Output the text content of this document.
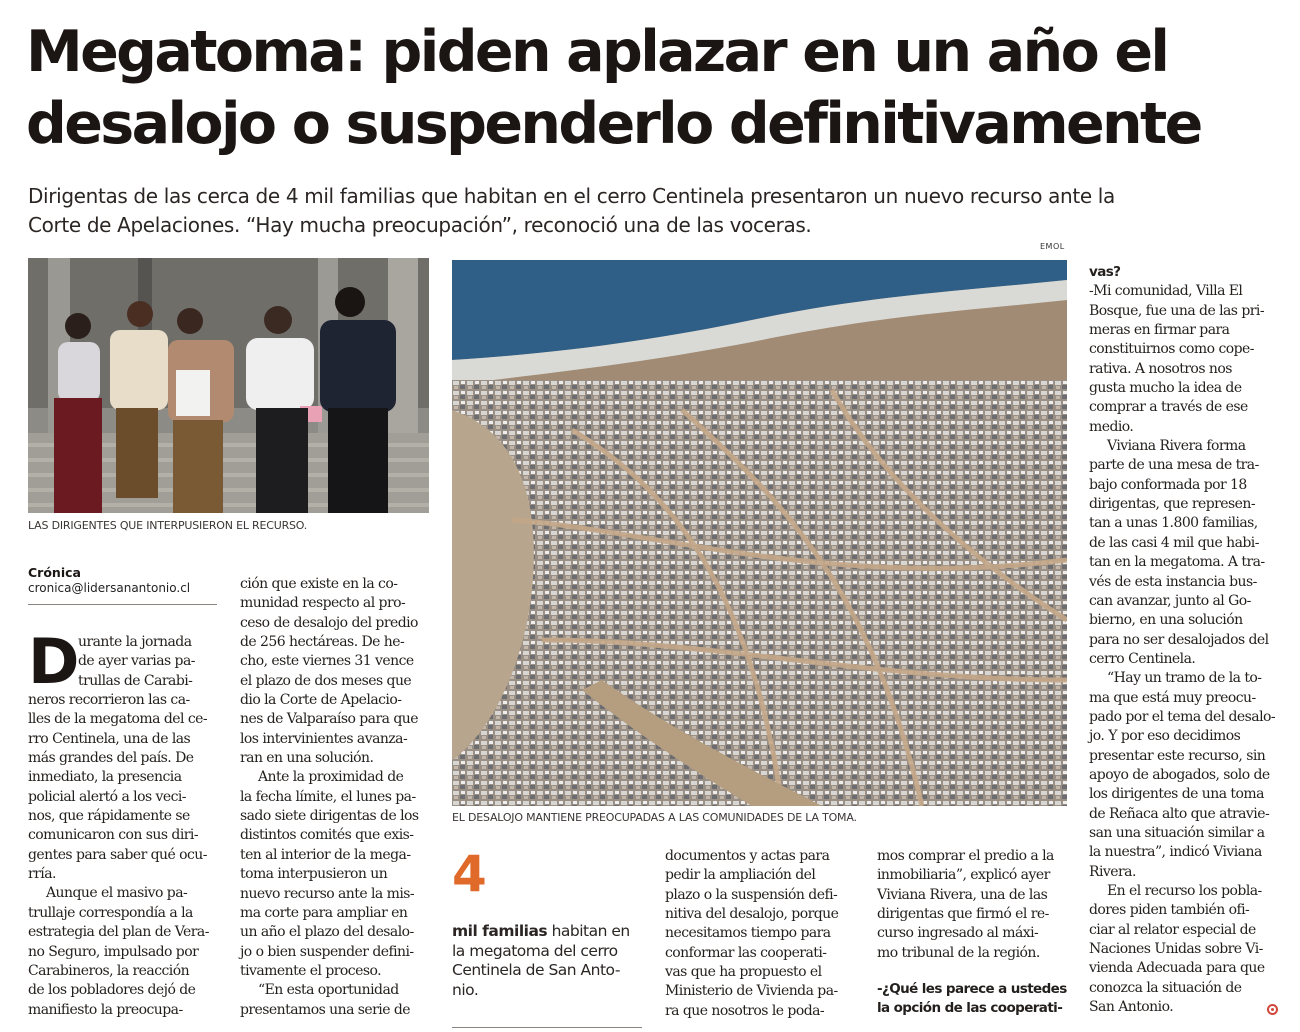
Megatoma: piden aplazar en un año el
desalojo o suspenderlo definitivamente
Dirigentas de las cerca de 4 mil familias que habitan en el cerro Centinela presentaron un nuevo recurso ante la
Corte de Apelaciones. “Hay mucha preocupación”, reconoció una de las voceras.
EMOL
LAS DIRIGENTES QUE INTERPUSIERON EL RECURSO.
EL DESALOJO MANTIENE PREOCUPADAS A LAS COMUNIDADES DE LA TOMA.
Crónica
cronica@lidersanantonio.cl
D urante la jornada
de ayer varias pa-
trullas de Carabi-
neros recorrieron las ca-
lles de la megatoma del ce-
rro Centinela, una de las
más grandes del país. De
inmediato, la presencia
policial alertó a los veci-
nos, que rápidamente se
comunicaron con sus diri-
gentes para saber qué ocu-
rría.
Aunque el masivo pa-
trullaje correspondía a la
estrategia del plan de Vera-
no Seguro, impulsado por
Carabineros, la reacción
de los pobladores dejó de
manifiesto la preocupa-
ción que existe en la co-
munidad respecto al pro-
ceso de desalojo del predio
de 256 hectáreas. De he-
cho, este viernes 31 vence
el plazo de dos meses que
dio la Corte de Apelacio-
nes de Valparaíso para que
los intervinientes avanza-
ran en una solución.
Ante la proximidad de
la fecha límite, el lunes pa-
sado siete dirigentas de los
distintos comités que exis-
ten al interior de la mega-
toma interpusieron un
nuevo recurso ante la mis-
ma corte para ampliar en
un año el plazo del desalo-
jo o bien suspender defini-
tivamente el proceso.
“En esta oportunidad
presentamos una serie de
4
mil familias habitan en
la megatoma del cerro
Centinela de San Anto-
nio.
documentos y actas para
pedir la ampliación del
plazo o la suspensión defi-
nitiva del desalojo, porque
necesitamos tiempo para
conformar las cooperati-
vas que ha propuesto el
Ministerio de Vivienda pa-
ra que nosotros le poda-
mos comprar el predio a la
inmobiliaria”, explicó ayer
Viviana Rivera, una de las
dirigentas que firmó el re-
curso ingresado al máxi-
mo tribunal de la región.
-¿Qué les parece a ustedes
la opción de las cooperati-
vas?
-Mi comunidad, Villa El
Bosque, fue una de las pri-
meras en firmar para
constituirnos como cope-
rativa. A nosotros nos
gusta mucho la idea de
comprar a través de ese
medio.
Viviana Rivera forma
parte de una mesa de tra-
bajo conformada por 18
dirigentas, que represen-
tan a unas 1.800 familias,
de las casi 4 mil que habi-
tan en la megatoma. A tra-
vés de esta instancia bus-
can avanzar, junto al Go-
bierno, en una solución
para no ser desalojados del
cerro Centinela.
“Hay un tramo de la to-
ma que está muy preocu-
pado por el tema del desalo-
jo. Y por eso decidimos
presentar este recurso, sin
apoyo de abogados, solo de
los dirigentes de una toma
de Reñaca alto que atravie-
san una situación similar a
la nuestra”, indicó Viviana
Rivera.
En el recurso los pobla-
dores piden también ofi-
ciar al relator especial de
Naciones Unidas sobre Vi-
vienda Adecuada para que
conozca la situación de
San Antonio.
